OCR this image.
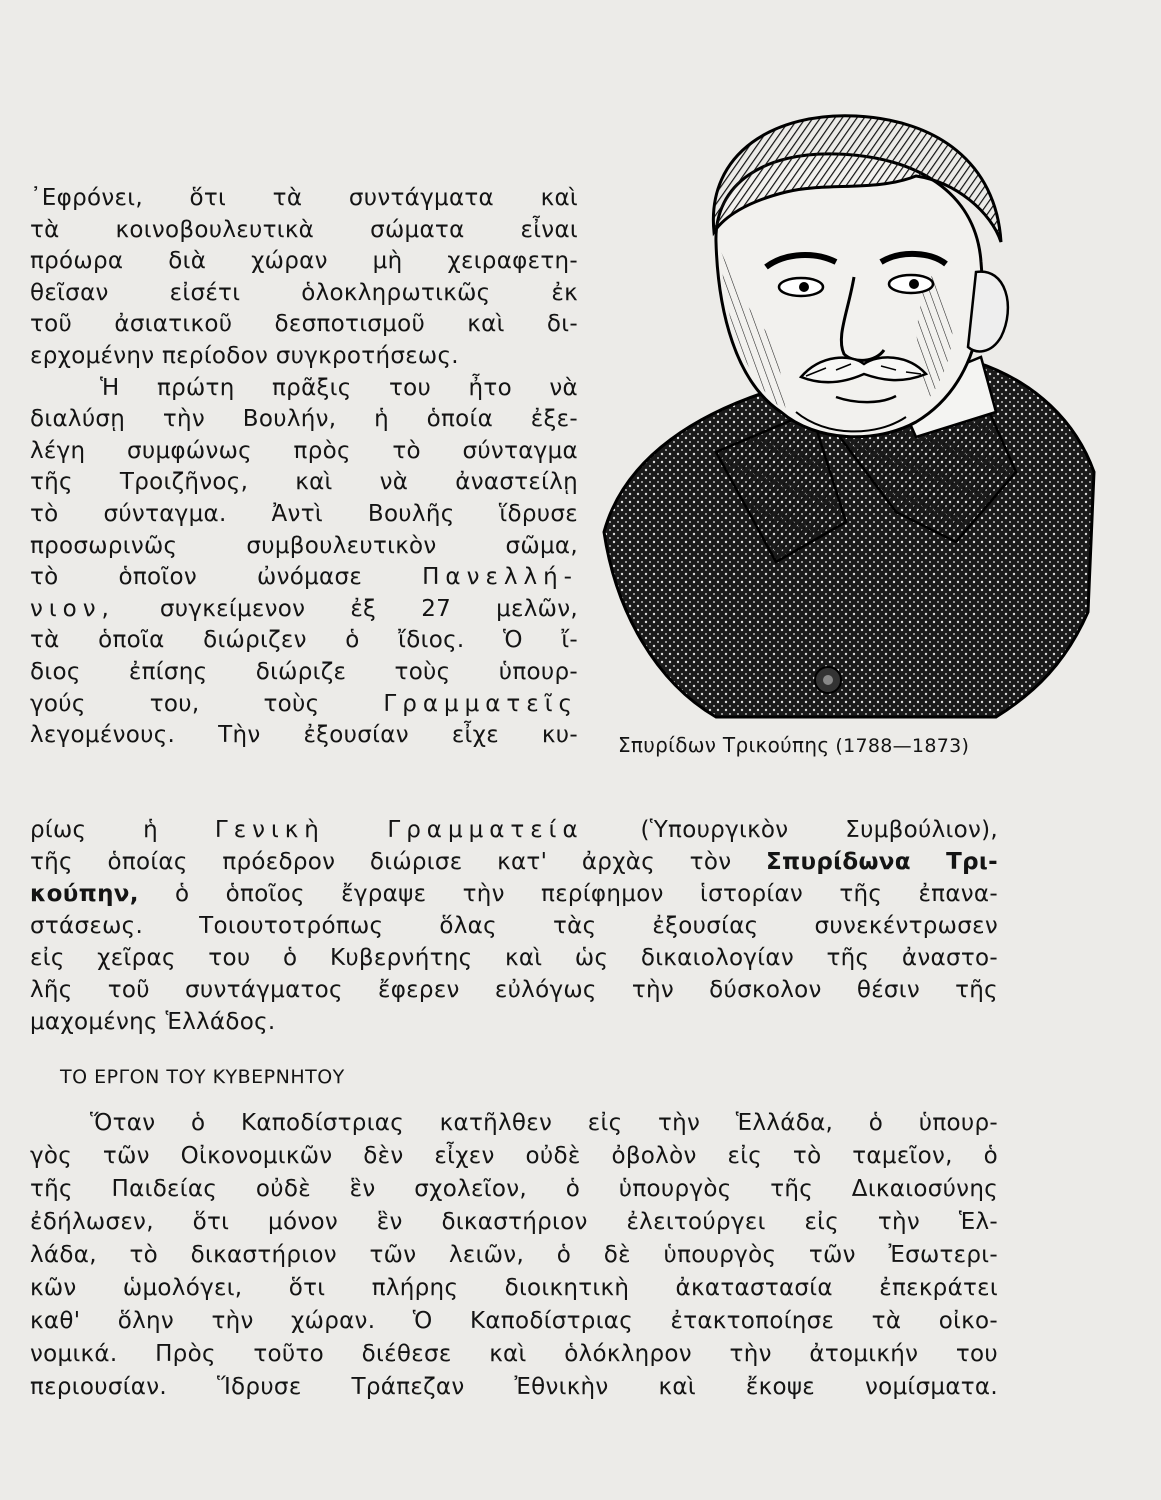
᾿Εφρόνει, ὅτι τὰ συντάγματα καὶ
τὰ κοινοβουλευτικὰ σώματα εἶναι
πρόωρα διὰ χώραν μὴ χειραφετη-
θεῖσαν εἰσέτι ὁλοκληρωτικῶς ἐκ
τοῦ ἀσιατικοῦ δεσποτισμοῦ καὶ δι-
ερχομένην περίοδον συγκροτήσεως.
Ἡ πρώτη πρᾶξις του ἦτο νὰ
διαλύσῃ τὴν Βουλήν, ἡ ὁποία ἐξε-
λέγη συμφώνως πρὸς τὸ σύνταγμα
τῆς Τροιζῆνος, καὶ νὰ ἀναστείλῃ
τὸ σύνταγμα. Ἀντὶ Βουλῆς ἵδρυσε
προσωρινῶς συμβουλευτικὸν σῶμα,
τὸ ὁποῖον ὠνόμασε	Πανελλή-
νιον, συγκείμενον ἐξ 27 μελῶν,
τὰ ὁποῖα διώριζεν ὁ ἴδιος. Ὁ ἴ-
διος ἐπίσης διώριζε τοὺς ὑπουρ-
γούς του, τοὺς	Γραμματεῖς
λεγομένους. Τὴν ἐξουσίαν εἶχε κυ-
ρίως ἡ Γενικὴ Γραμματεία (Ὑπουργικὸν Συμβούλιον),
τῆς ὁποίας πρόεδρον διώρισε κατ' ἀρχὰς τὸν Σπυρίδωνα Τρι-
κούπην, ὁ ὁποῖος ἔγραψε τὴν περίφημον ἱστορίαν τῆς ἐπανα-
στάσεως. Τοιουτοτρόπως ὅλας τὰς ἐξουσίας συνεκέντρωσεν
εἰς χεῖρας του ὁ Κυβερνήτης καὶ ὡς δικαιολογίαν τῆς ἀναστο-
λῆς τοῦ συντάγματος ἔφερεν εὐλόγως τὴν δύσκολον θέσιν τῆς
μαχομένης Ἑλλάδος.
ΤΟ ΕΡΓΟΝ ΤΟΥ ΚΥΒΕΡΝΗΤΟΥ
Ὅταν ὁ Καποδίστριας κατῆλθεν εἰς τὴν Ἑλλάδα, ὁ ὑπουρ-
γὸς τῶν Οἰκονομικῶν δὲν εἶχεν οὐδὲ ὀβολὸν εἰς τὸ ταμεῖον, ὁ
τῆς Παιδείας οὐδὲ ἓν σχολεῖον, ὁ ὑπουργὸς τῆς Δικαιοσύνης
ἐδήλωσεν, ὅτι μόνον ἓν δικαστήριον ἐλειτούργει εἰς τὴν Ἑλ-
λάδα, τὸ δικαστήριον τῶν λειῶν, ὁ δὲ ὑπουργὸς τῶν Ἐσωτερι-
κῶν ὡμολόγει, ὅτι πλήρης διοικητικὴ ἀκαταστασία ἐπεκράτει
καθ' ὅλην τὴν χώραν. Ὁ Καποδίστριας ἐτακτοποίησε τὰ οἰκο-
νομικά. Πρὸς τοῦτο διέθεσε καὶ ὁλόκληρον τὴν ἀτομικήν του
περιουσίαν. Ἵδρυσε Τράπεζαν Ἐθνικὴν καὶ ἔκοψε νομίσματα.
Σπυρίδων Τρικούπης (1788—1873)
